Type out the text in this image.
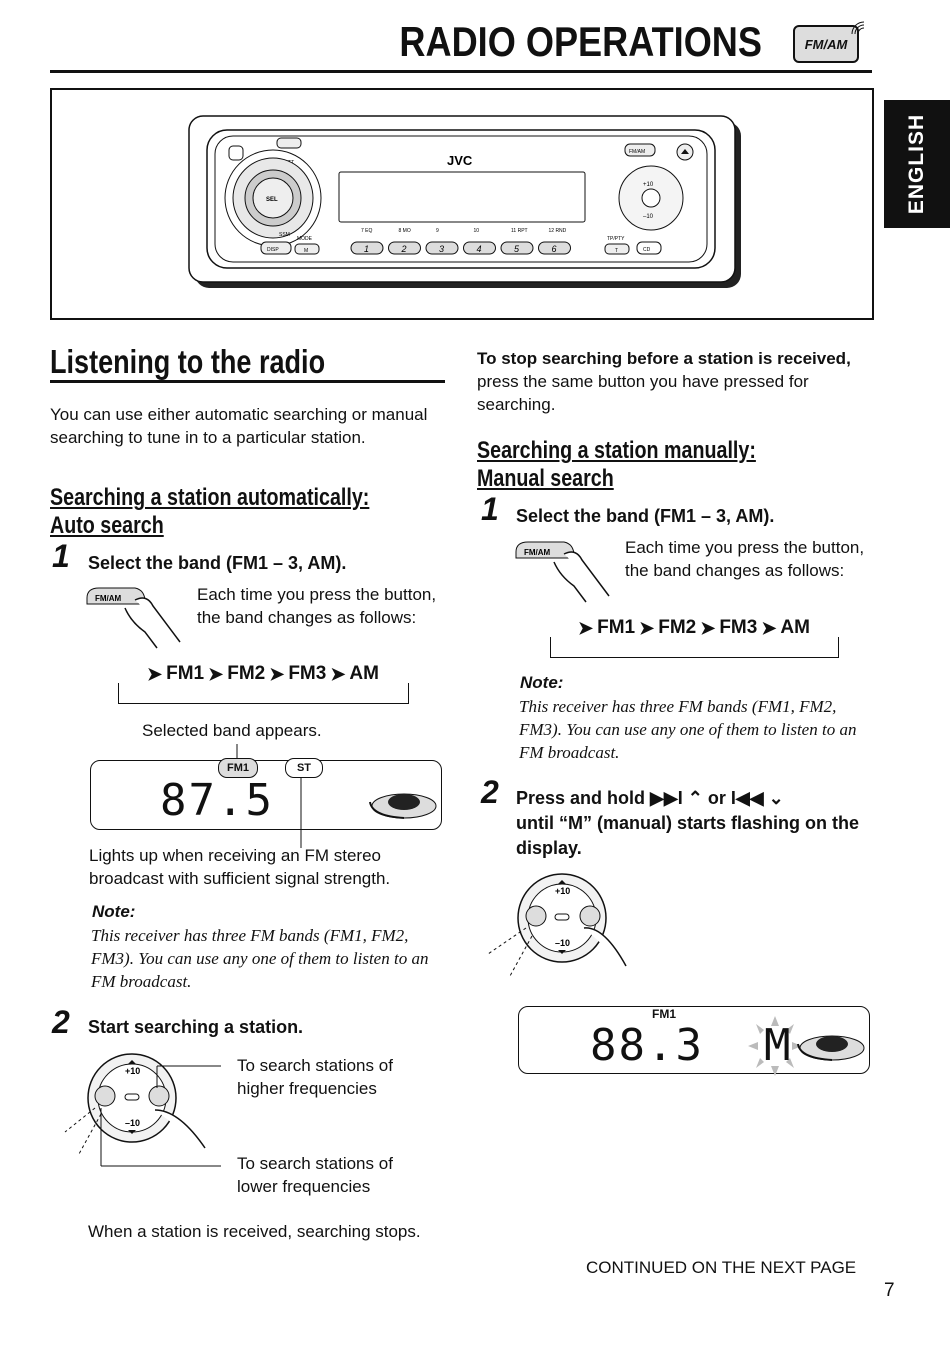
RADIO OPERATIONS	FM/AM
ENGLISH
JVC
SEL
FM/AM
+10
–10
SSM
MODE
DISP	M
7 EQ	8 MO	9	10	11 RPT	12 RND
1	2	3	4	5	6
TP/PTY
T	CD
Listening to the radio
You can use either automatic searching or manual searching to tune in to a particular station.
Searching a station automatically:
Auto search
1 Select the band (FM1 – 3, AM).
FM/AM	Each time you press the button, the band changes as follows:
➤ FM1 ➤ FM2 ➤ FM3 ➤ AM
Selected band appears.
FM1	ST
87.5
Lights up when receiving an FM stereo broadcast with sufficient signal strength.
Note:
This receiver has three FM bands (FM1, FM2, FM3). You can use any one of them to listen to an FM broadcast.
2 Start searching a station.
+10
–10
To search stations of higher frequencies
To search stations of lower frequencies
When a station is received, searching stops.
To stop searching before a station is received, press the same button you have pressed for searching.
Searching a station manually:
Manual search
1 Select the band (FM1 – 3, AM).
FM/AM	Each time you press the button, the band changes as follows:
➤ FM1 ➤ FM2 ➤ FM3 ➤ AM
Note:
This receiver has three FM bands (FM1, FM2, FM3). You can use any one of them to listen to an FM broadcast.
2 Press and hold ▶▶I ⌃ or I◀◀ ⌄
until “M” (manual) starts flashing on the display.
+10
–10
FM1
88.3 M
CONTINUED ON THE NEXT PAGE
7
